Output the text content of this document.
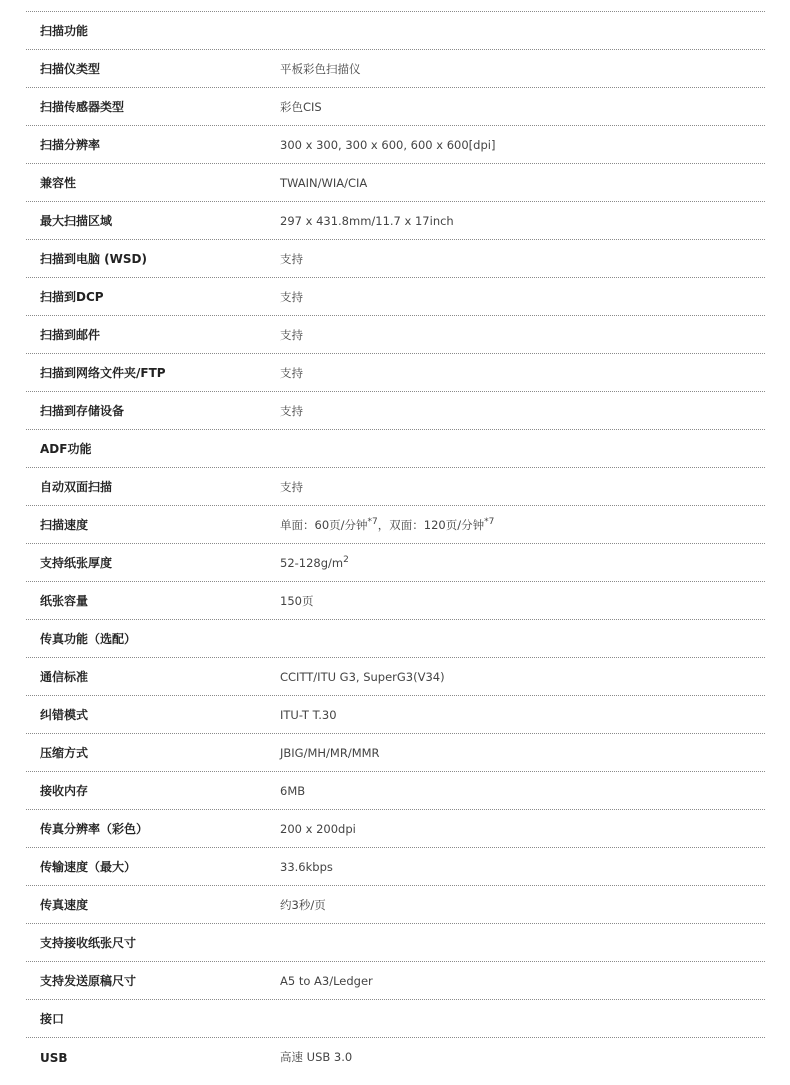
扫描功能
扫描仪类型	平板彩色扫描仪
扫描传感器类型	彩色CIS
扫描分辨率	300 x 300, 300 x 600, 600 x 600[dpi]
兼容性	TWAIN/WIA/CIA
最大扫描区域	297 x 431.8mm/11.7 x 17inch
扫描到电脑 (WSD)	支持
扫描到DCP	支持
扫描到邮件	支持
扫描到网络文件夹/FTP	支持
扫描到存储设备	支持
ADF功能
自动双面扫描	支持
扫描速度	单面：60页/分钟$^{*7}$，双面：120页/分钟$^{*7}$
支持纸张厚度	$52-128g/m^2$
纸张容量	150页
传真功能（选配）
通信标准	CCITT/ITU G3, SuperG3(V34)
纠错模式	ITU-T T.30
压缩方式	JBIG/MH/MR/MMR
接收内存	6MB
传真分辨率（彩色）	200 x 200dpi
传输速度（最大）	33.6kbps
传真速度	约3秒/页
支持接收纸张尺寸
支持发送原稿尺寸	A5 to A3/Ledger
接口
USB	高速 USB 3.0
